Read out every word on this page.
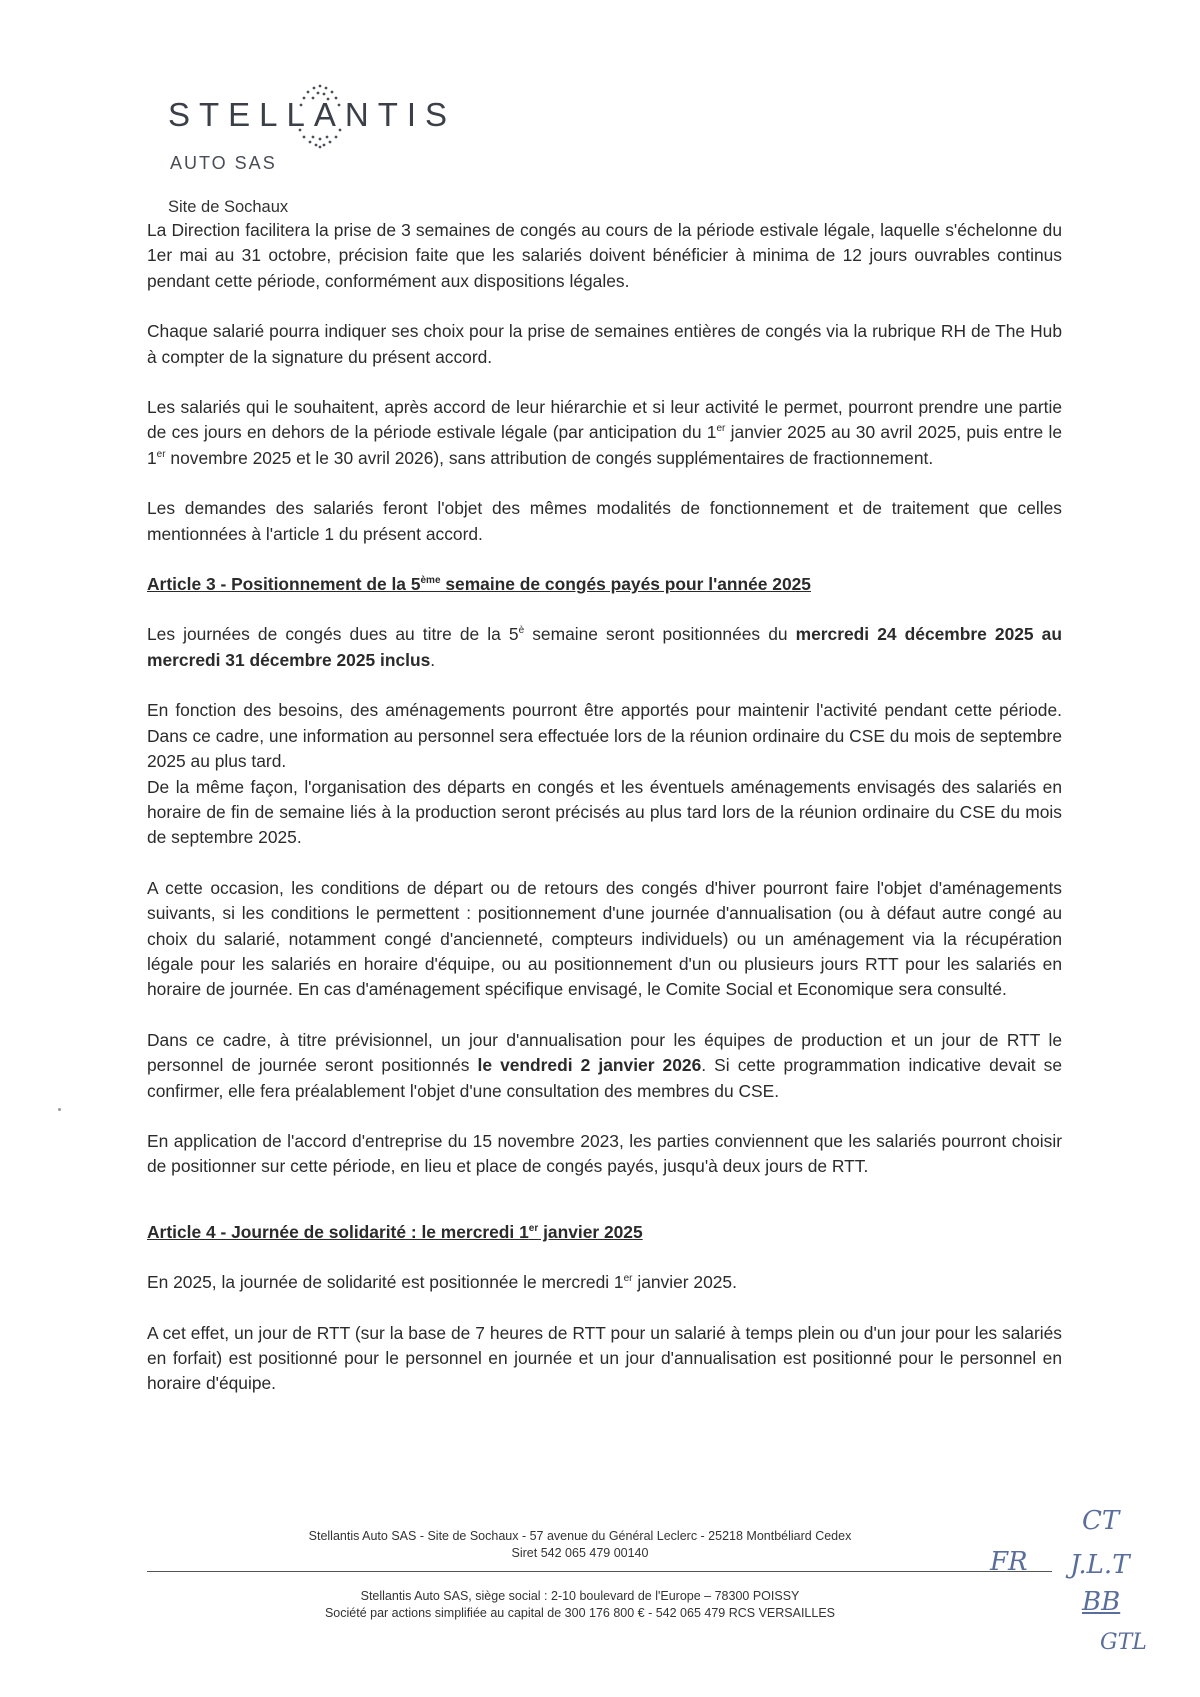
STELLANTIS
AUTO SAS
Site de Sochaux

La Direction facilitera la prise de 3 semaines de congés au cours de la période estivale légale, laquelle s'échelonne du 1er mai au 31 octobre, précision faite que les salariés doivent bénéficier à minima de 12 jours ouvrables continus pendant cette période, conformément aux dispositions légales.

Chaque salarié pourra indiquer ses choix pour la prise de semaines entières de congés via la rubrique RH de The Hub à compter de la signature du présent accord.

Les salariés qui le souhaitent, après accord de leur hiérarchie et si leur activité le permet, pourront prendre une partie de ces jours en dehors de la période estivale légale (par anticipation du 1er janvier 2025 au 30 avril 2025, puis entre le 1er novembre 2025 et le 30 avril 2026), sans attribution de congés supplémentaires de fractionnement.

Les demandes des salariés feront l'objet des mêmes modalités de fonctionnement et de traitement que celles mentionnées à l'article 1 du présent accord.

Article 3 - Positionnement de la 5ème semaine de congés payés pour l'année 2025

Les journées de congés dues au titre de la $5^è$ semaine seront positionnées du mercredi 24 décembre 2025 au mercredi 31 décembre 2025 inclus.

En fonction des besoins, des aménagements pourront être apportés pour maintenir l'activité pendant cette période. Dans ce cadre, une information au personnel sera effectuée lors de la réunion ordinaire du CSE du mois de septembre 2025 au plus tard.

De la même façon, l'organisation des départs en congés et les éventuels aménagements envisagés des salariés en horaire de fin de semaine liés à la production seront précisés au plus tard lors de la réunion ordinaire du CSE du mois de septembre 2025.

A cette occasion, les conditions de départ ou de retours des congés d'hiver pourront faire l'objet d'aménagements suivants, si les conditions le permettent : positionnement d'une journée d'annualisation (ou à défaut autre congé au choix du salarié, notamment congé d'ancienneté, compteurs individuels) ou un aménagement via la récupération légale pour les salariés en horaire d'équipe, ou au positionnement d'un ou plusieurs jours RTT pour les salariés en horaire de journée. En cas d'aménagement spécifique envisagé, le Comite Social et Economique sera consulté.

Dans ce cadre, à titre prévisionnel, un jour d'annualisation pour les équipes de production et un jour de RTT le personnel de journée seront positionnés le vendredi 2 janvier 2026. Si cette programmation indicative devait se confirmer, elle fera préalablement l'objet d'une consultation des membres du CSE.

En application de l'accord d'entreprise du 15 novembre 2023, les parties conviennent que les salariés pourront choisir de positionner sur cette période, en lieu et place de congés payés, jusqu'à deux jours de RTT.

Article 4 - Journée de solidarité : le mercredi 1er janvier 2025

En 2025, la journée de solidarité est positionnée le mercredi 1er janvier 2025.

A cet effet, un jour de RTT (sur la base de 7 heures de RTT pour un salarié à temps plein ou d'un jour pour les salariés en forfait) est positionné pour le personnel en journée et un jour d'annualisation est positionné pour le personnel en horaire d'équipe.

Stellantis Auto SAS - Site de Sochaux - 57 avenue du Général Leclerc - 25218 Montbéliard Cedex
Siret 542 065 479 00140
Stellantis Auto SAS, siège social : 2-10 boulevard de l'Europe – 78300 POISSY
Société par actions simplifiée au capital de 300 176 800 € - 542 065 479 RCS VERSAILLES
FR
CT
J.L.T
BB
GTL
